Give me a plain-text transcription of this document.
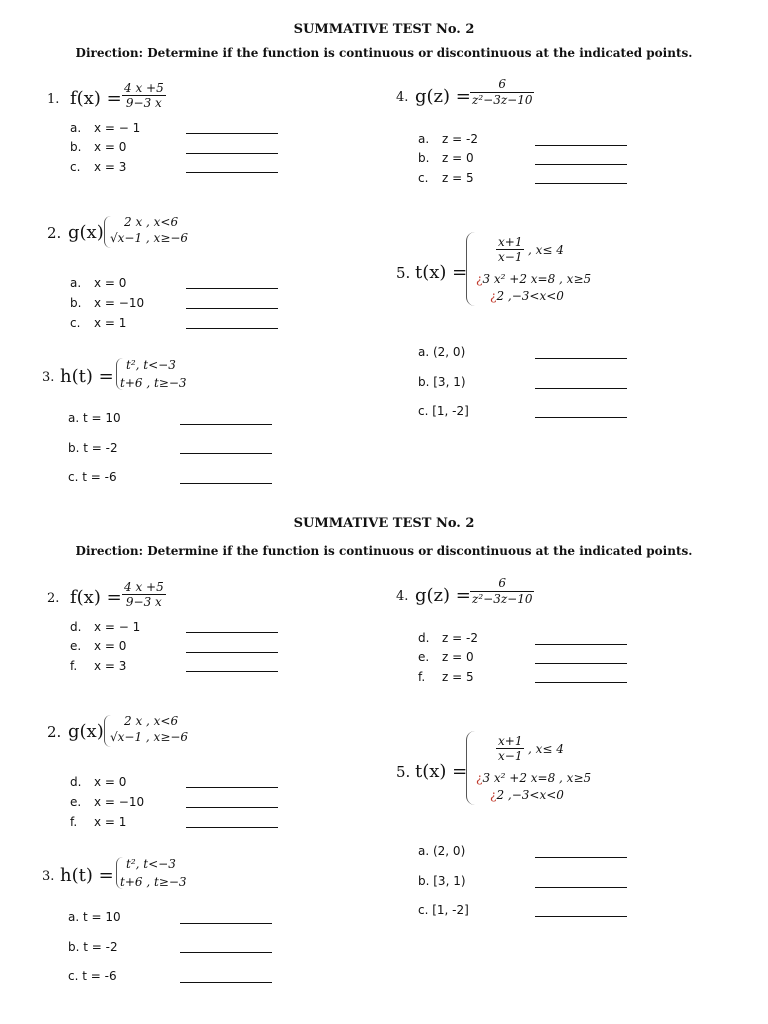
SUMMATIVE TEST No. 2
Direction: Determine if the function is continuous or discontinuous at the indicated points.
1. $f(x) = \frac{4 x +5}{9-3 x}$
a. x = − 1
b. x = 0
c. x = 3
2. g(x) 2 x , x<6
√x−1 , x≥−6
a. x = 0
b. x = −10
c. x = 1
3. h(t) =
t², t<−3
t+6 , t≥−3
a. t = 10
b. t = -2
c. t = -6
4. $g(z) = \frac{6}{\text{z²−3z−10}}$
a. z = -2
b. z = 0
c. z = 5
5. t(x) =
$\frac{x+1}{x-1}$ , x≤ 4
¿3 x² +2 x=8 , x≥5
¿2 ,−3<x<0
a. (2, 0)
b. [3, 1)
c. [1, -2]
SUMMATIVE TEST No. 2
Direction: Determine if the function is continuous or discontinuous at the indicated points.
2. $f(x) = \frac{4 x +5}{9-3 x}$
d. x = − 1
e. x = 0
f. x = 3
2. g(x) 2 x , x<6
√x−1 , x≥−6
d. x = 0
e. x = −10
f. x = 1
3. h(t) =
t², t<−3
t+6 , t≥−3
a. t = 10
b. t = -2
c. t = -6
4. $g(z) = \frac{6}{\text{z²−3z−10}}$
d. z = -2
e. z = 0
f. z = 5
5. t(x) =
$\frac{x+1}{x-1}$ , x≤ 4
¿3 x² +2 x=8 , x≥5
¿2 ,−3<x<0
a. (2, 0)
b. [3, 1)
c. [1, -2]
